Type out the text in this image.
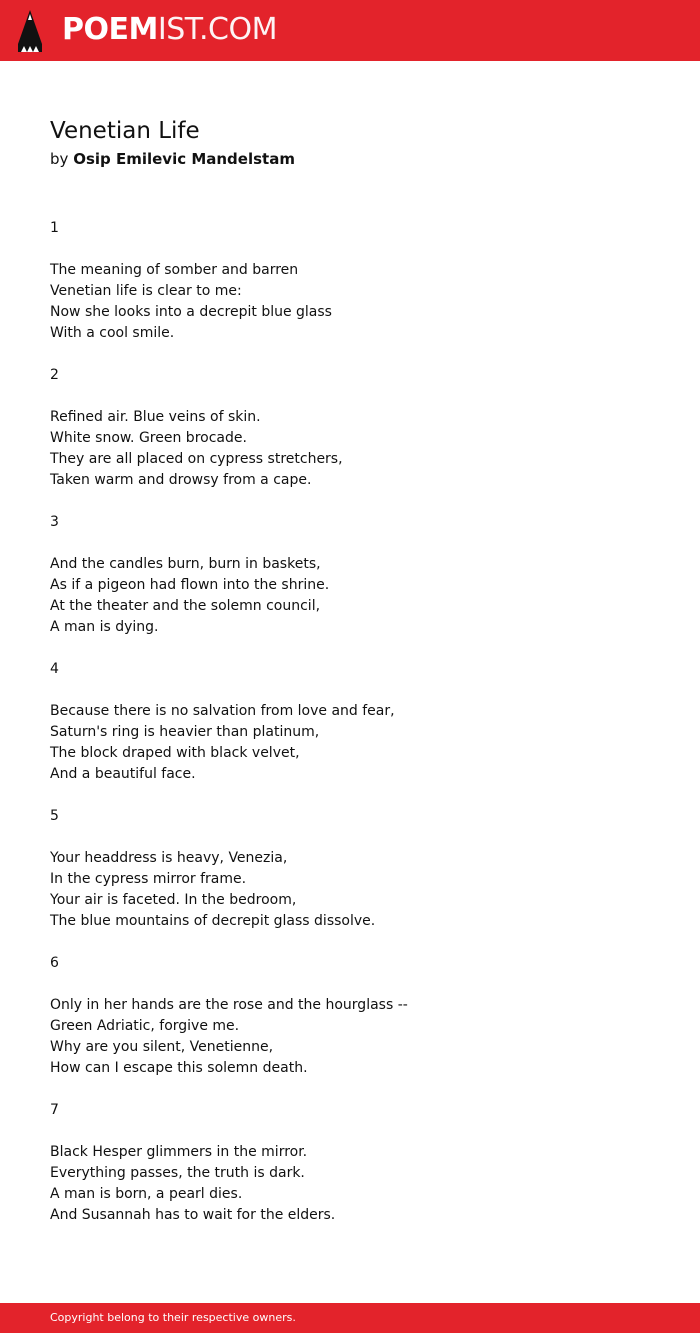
POEMIST.COM
Venetian Life
by Osip Emilevic Mandelstam
1
The meaning of somber and barren
Venetian life is clear to me:
Now she looks into a decrepit blue glass
With a cool smile.
2
Refined air. Blue veins of skin.
White snow. Green brocade.
They are all placed on cypress stretchers,
Taken warm and drowsy from a cape.
3
And the candles burn, burn in baskets,
As if a pigeon had flown into the shrine.
At the theater and the solemn council,
A man is dying.
4
Because there is no salvation from love and fear,
Saturn's ring is heavier than platinum,
The block draped with black velvet,
And a beautiful face.
5
Your headdress is heavy, Venezia,
In the cypress mirror frame.
Your air is faceted. In the bedroom,
The blue mountains of decrepit glass dissolve.
6
Only in her hands are the rose and the hourglass --
Green Adriatic, forgive me.
Why are you silent, Venetienne,
How can I escape this solemn death.
7
Black Hesper glimmers in the mirror.
Everything passes, the truth is dark.
A man is born, a pearl dies.
And Susannah has to wait for the elders.
Copyright belong to their respective owners.
